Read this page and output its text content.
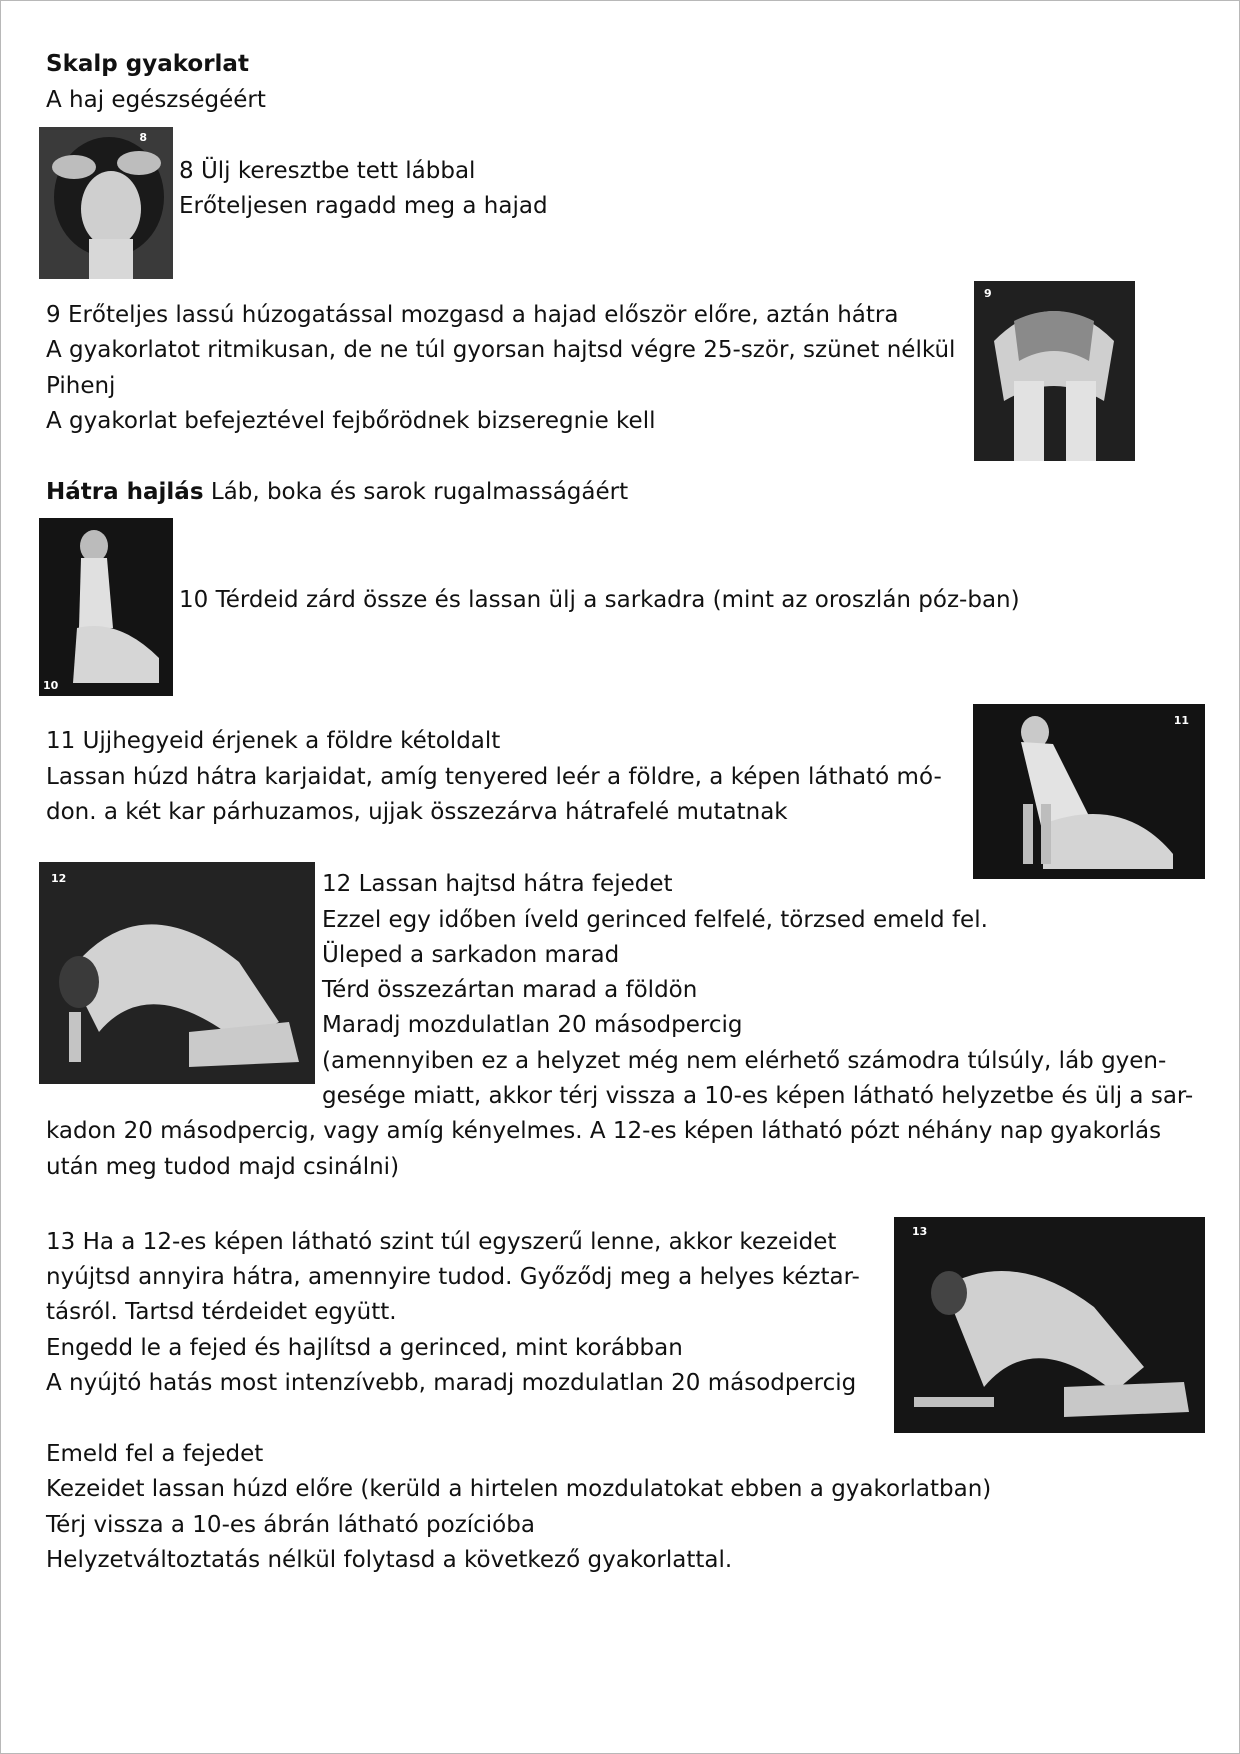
Skalp gyakorlat

A haj egészségéért

8

8 Ülj keresztbe tett lábbal

Erőteljesen ragadd meg a hajad

9 Erőteljes lassú húzogatással mozgasd a hajad először előre, aztán hátra

A gyakorlatot ritmikusan, de ne túl gyorsan hajtsd végre 25-ször, szünet nélkül

Pihenj

A gyakorlat befejeztével fejbőrödnek bizseregnie kell

9

Hátra hajlás Láb, boka és sarok rugalmasságáért

10

10 Térdeid zárd össze és lassan ülj a sarkadra (mint az oroszlán póz-ban)

11 Ujjhegyeid érjenek a földre kétoldalt

Lassan húzd hátra karjaidat, amíg tenyered leér a földre, a képen látható mó-

don. a két kar párhuzamos, ujjak összezárva hátrafelé mutatnak

11
12	12 Lassan hajtsd hátra fejedet

Ezzel egy időben íveld gerinced felfelé, törzsed emeld fel.

Üleped a sarkadon marad

Térd összezártan marad a földön

Maradj mozdulatlan 20 másodpercig

(amennyiben ez a helyzet még nem elérhető számodra túlsúly, láb gyen-

gesége miatt, akkor térj vissza a 10-es képen látható helyzetbe és ülj a sar-

kadon 20 másodpercig, vagy amíg kényelmes. A 12-es képen látható pózt néhány nap gyakorlás

után meg tudod majd csinálni)

13 Ha a 12-es képen látható szint túl egyszerű lenne, akkor kezeidet

nyújtsd annyira hátra, amennyire tudod. Győződj meg a helyes kéztar-

tásról. Tartsd térdeidet együtt.

Engedd le a fejed és hajlítsd a gerinced, mint korábban

A nyújtó hatás most intenzívebb, maradj mozdulatlan 20 másodpercig

13

Emeld fel a fejedet

Kezeidet lassan húzd előre (kerüld a hirtelen mozdulatokat ebben a gyakorlatban)

Térj vissza a 10-es ábrán látható pozícióba

Helyzetváltoztatás nélkül folytasd a következő gyakorlattal.
